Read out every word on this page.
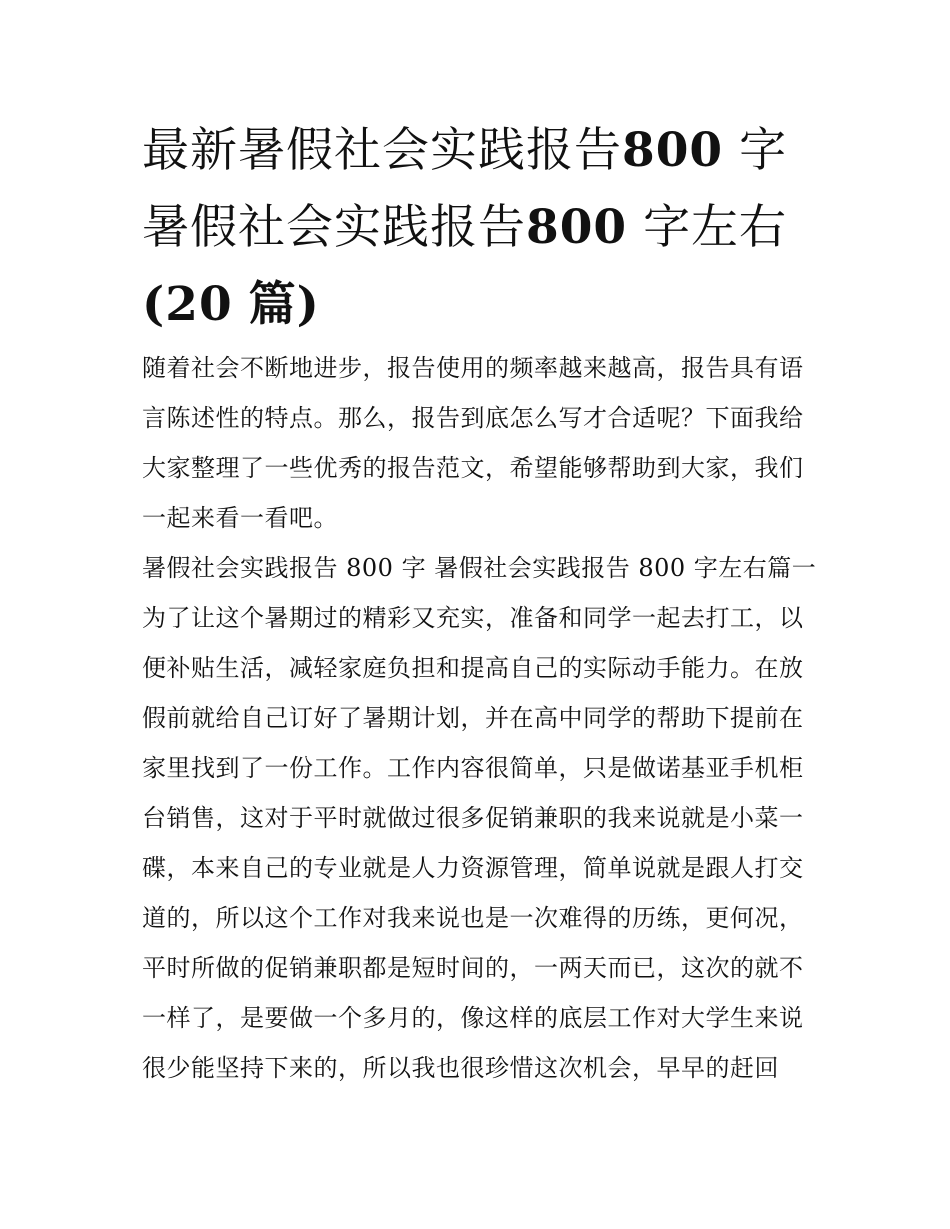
最新暑假社会实践报告800 字
暑假社会实践报告800 字左右
(20 篇)
随着社会不断地进步，报告使用的频率越来越高，报告具有语
言陈述性的特点。那么，报告到底怎么写才合适呢？下面我给
大家整理了一些优秀的报告范文，希望能够帮助到大家，我们
一起来看一看吧。
暑假社会实践报告 800 字 暑假社会实践报告 800 字左右篇一
为了让这个暑期过的精彩又充实，准备和同学一起去打工，以
便补贴生活，减轻家庭负担和提高自己的实际动手能力。在放
假前就给自己订好了暑期计划，并在高中同学的帮助下提前在
家里找到了一份工作。工作内容很简单，只是做诺基亚手机柜
台销售，这对于平时就做过很多促销兼职的我来说就是小菜一
碟，本来自己的专业就是人力资源管理，简单说就是跟人打交
道的，所以这个工作对我来说也是一次难得的历练，更何况，
平时所做的促销兼职都是短时间的，一两天而已，这次的就不
一样了，是要做一个多月的，像这样的底层工作对大学生来说
很少能坚持下来的，所以我也很珍惜这次机会，早早的赶回
